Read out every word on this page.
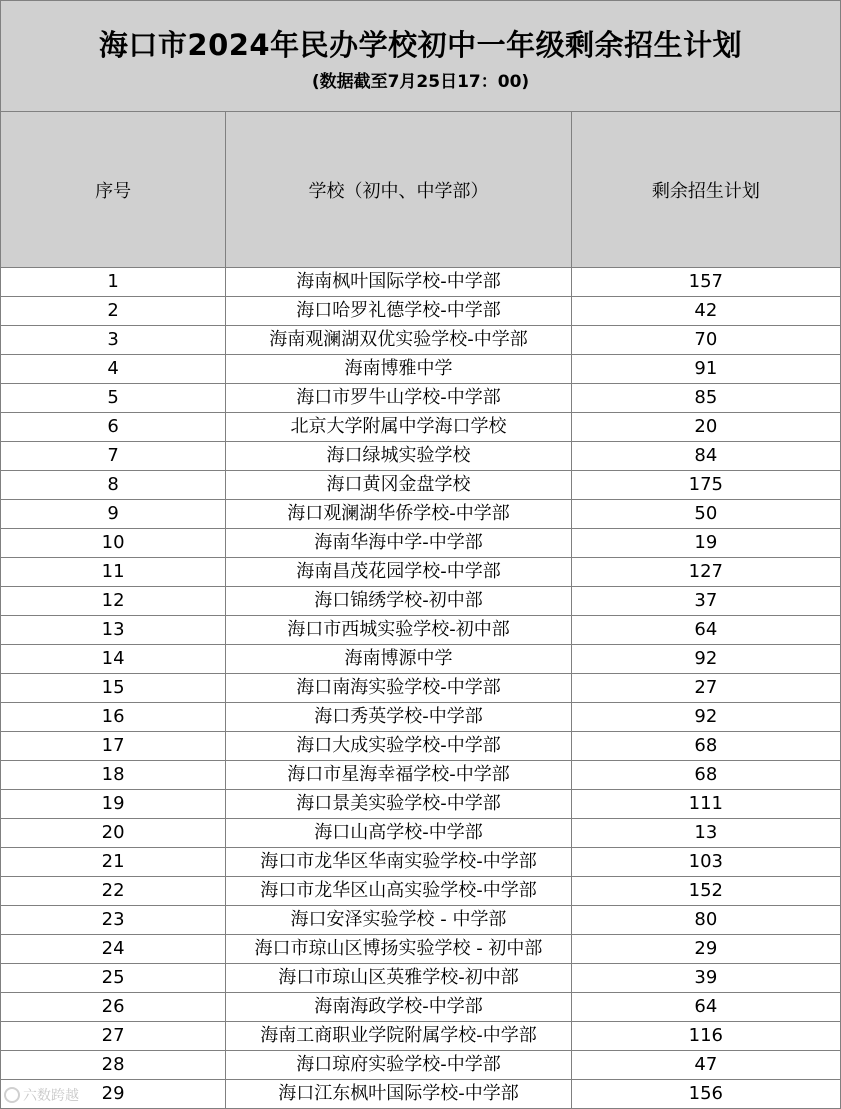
海口市2024年民办学校初中一年级剩余招生计划
(数据截至7月25日17：00)
序号	学校（初中、中学部）	剩余招生计划
1	海南枫叶国际学校-中学部	157
2	海口哈罗礼德学校-中学部	42
3	海南观澜湖双优实验学校-中学部	70
4	海南博雅中学	91
5	海口市罗牛山学校-中学部	85
6	北京大学附属中学海口学校	20
7	海口绿城实验学校	84
8	海口黄冈金盘学校	175
9	海口观澜湖华侨学校-中学部	50
10	海南华海中学-中学部	19
11	海南昌茂花园学校-中学部	127
12	海口锦绣学校-初中部	37
13	海口市西城实验学校-初中部	64
14	海南博源中学	92
15	海口南海实验学校-中学部	27
16	海口秀英学校-中学部	92
17	海口大成实验学校-中学部	68
18	海口市星海幸福学校-中学部	68
19	海口景美实验学校-中学部	111
20	海口山高学校-中学部	13
21	海口市龙华区华南实验学校-中学部	103
22	海口市龙华区山高实验学校-中学部	152
23	海口安泽实验学校 - 中学部	80
24	海口市琼山区博扬实验学校 - 初中部	29
25	海口市琼山区英雅学校-初中部	39
26	海南海政学校-中学部	64
27	海南工商职业学院附属学校-中学部	116
28	海口琼府实验学校-中学部	47
29	海口江东枫叶国际学校-中学部	156
六数跨越
